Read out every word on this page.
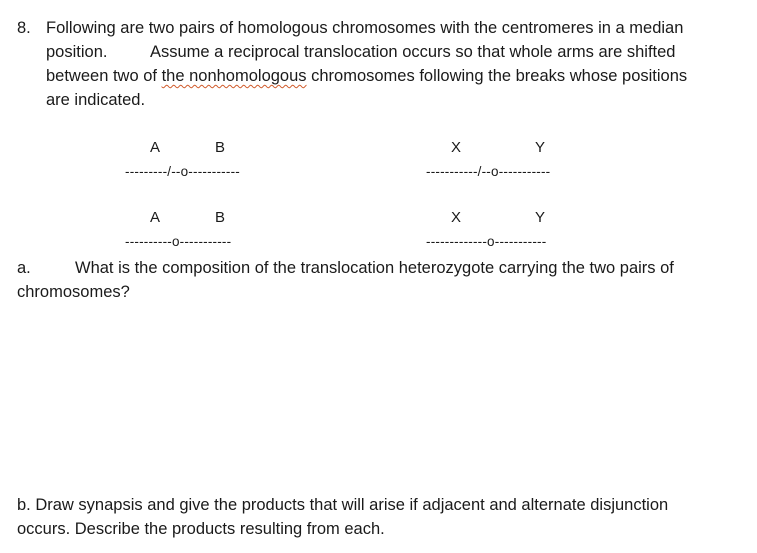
8. Following are two pairs of homologous chromosomes with the centromeres in a median
position.	Assume a reciprocal translocation occurs so that whole arms are shifted
between two of the nonhomologous chromosomes following the breaks whose positions
are indicated.
A	B
---------/--o-----------
X	Y
-----------/--o-----------
A	B
----------o-----------
X	Y
-------------o-----------
a.	What is the composition of the translocation heterozygote carrying the two pairs of
chromosomes?
b. Draw synapsis and give the products that will arise if adjacent and alternate disjunction
occurs. Describe the products resulting from each.
